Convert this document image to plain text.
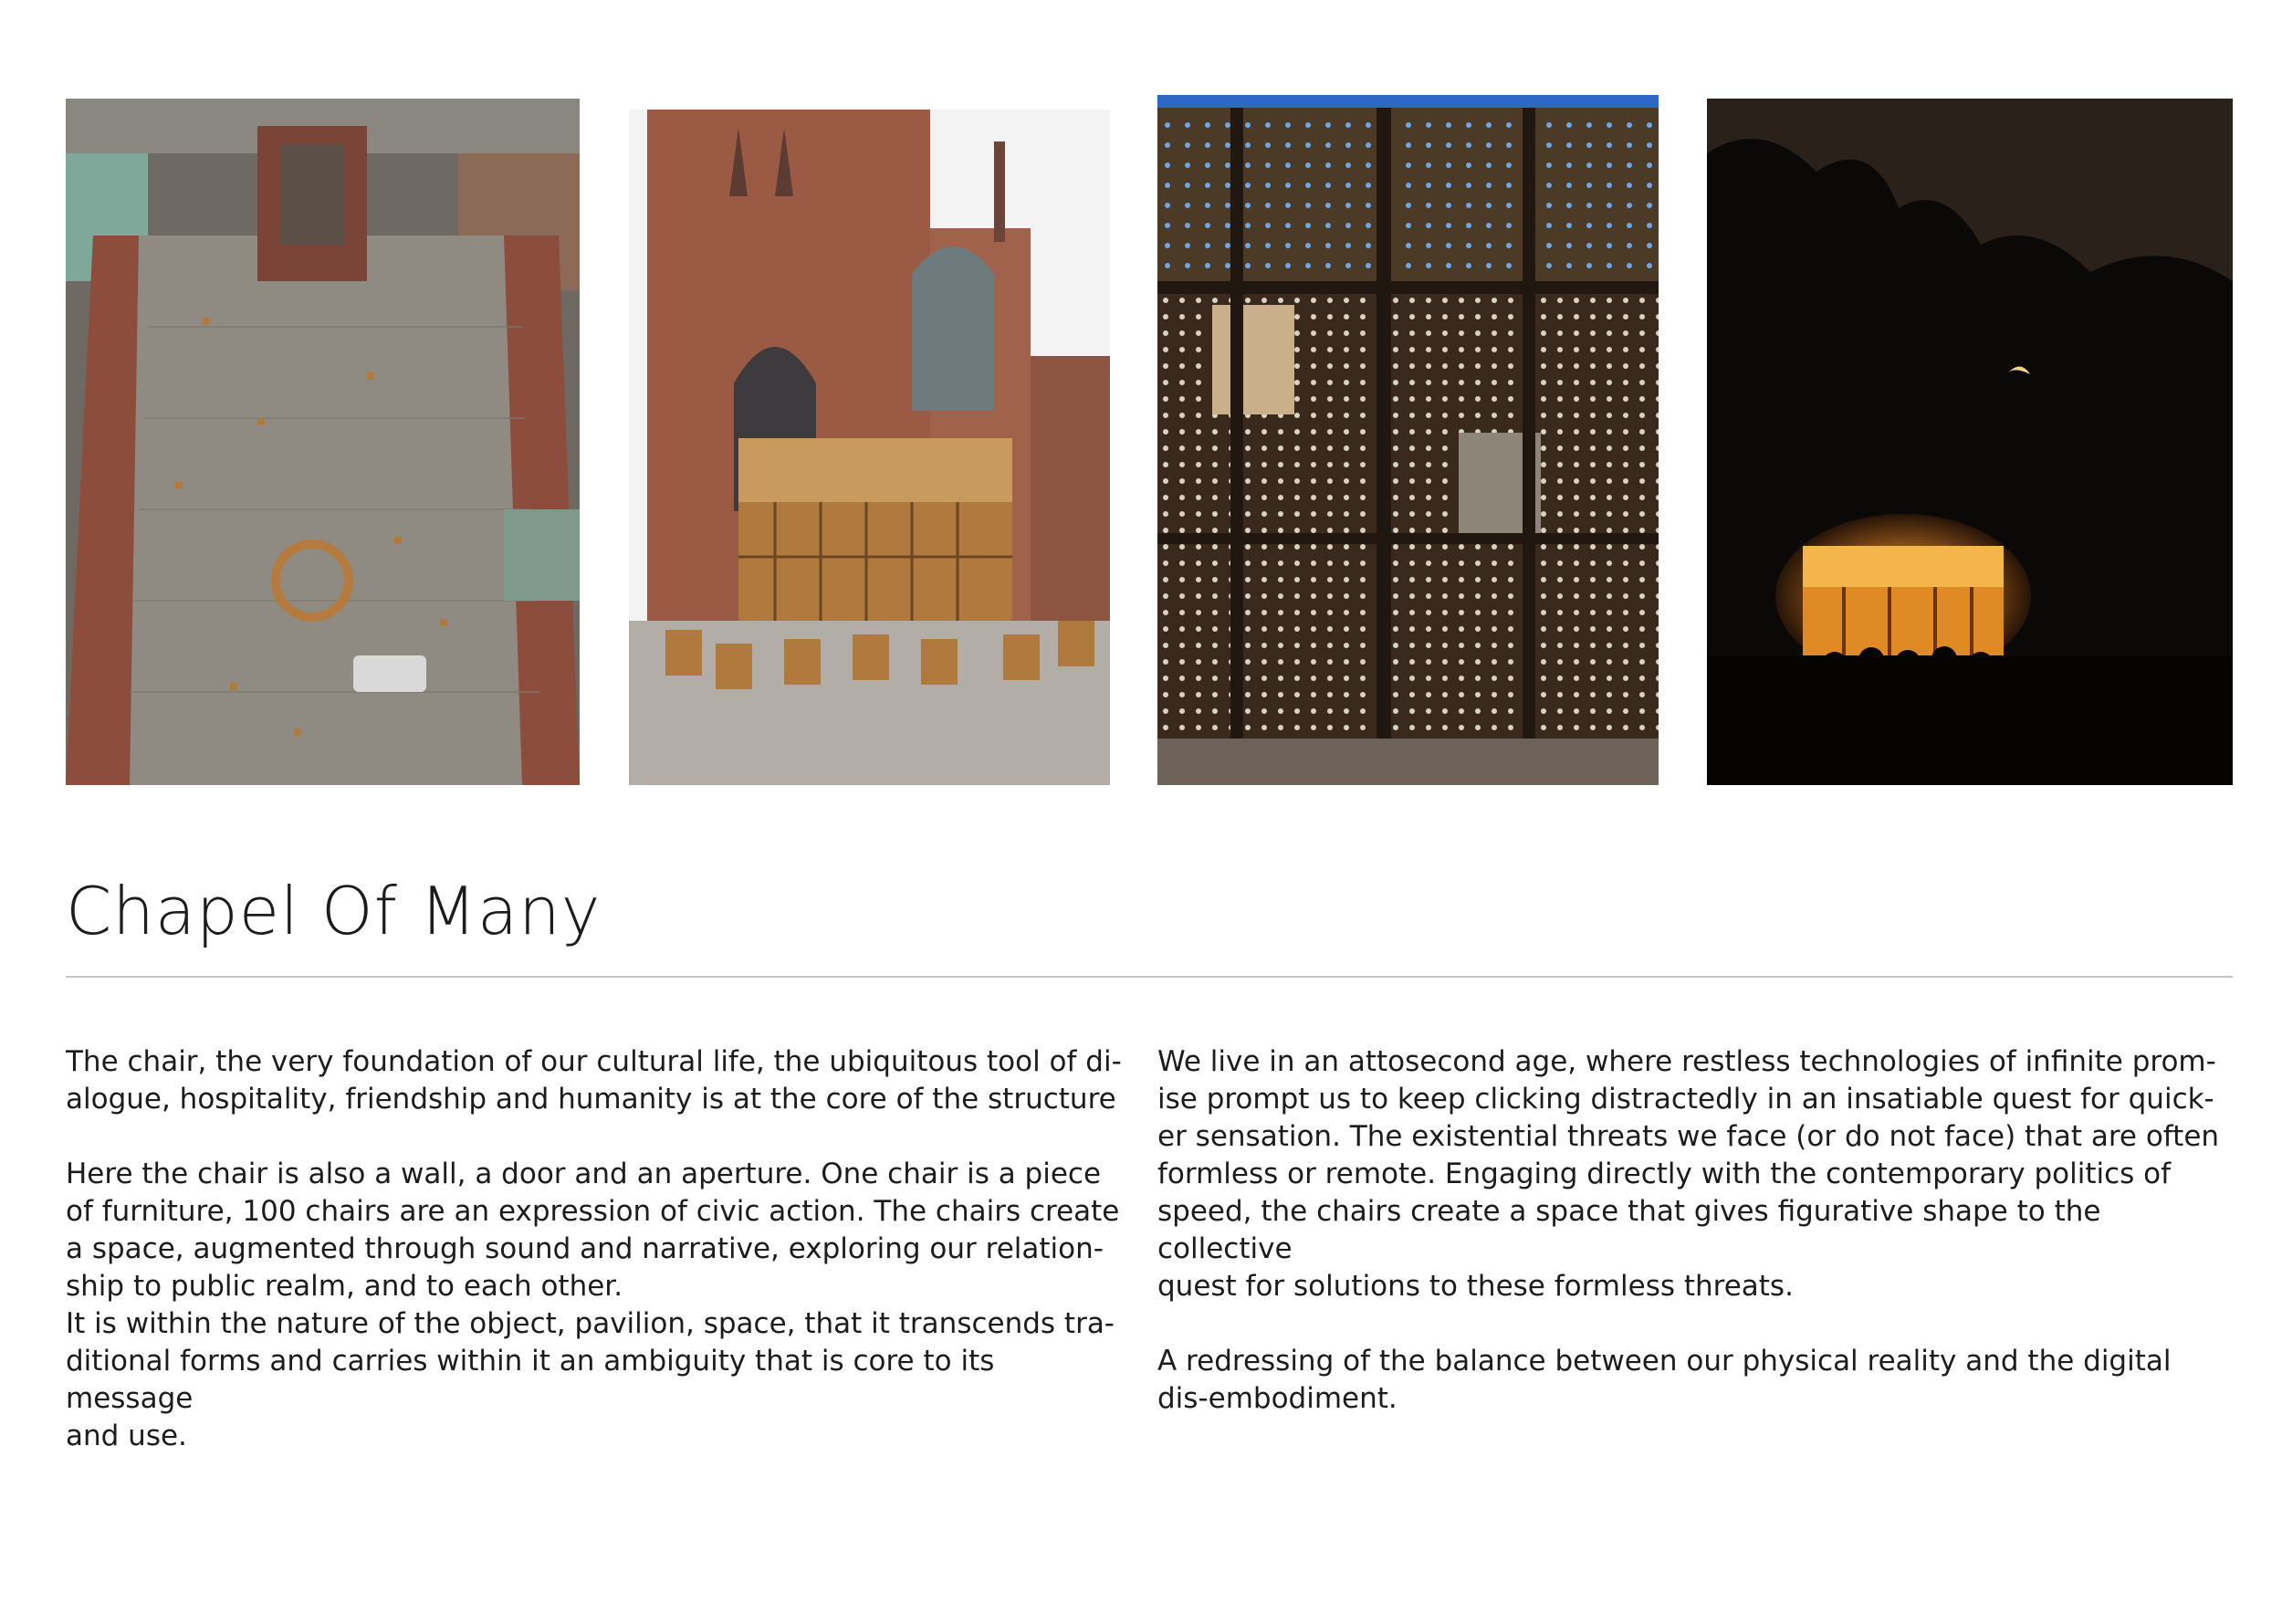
Chapel Of Many

The chair, the very foundation of our cultural life, the ubiquitous tool of di-
alogue, hospitality, friendship and humanity is at the core of the structure

Here the chair is also a wall, a door and an aperture. One chair is a piece
of furniture, 100 chairs are an expression of civic action. The chairs create
a space, augmented through sound and narrative, exploring our relation-
ship to public realm, and to each other.
It is within the nature of the object, pavilion, space, that it transcends tra-
ditional forms and carries within it an ambiguity that is core to its message
and use.

We live in an attosecond age, where restless technologies of infinite prom-
ise prompt us to keep clicking distractedly in an insatiable quest for quick-
er sensation. The existential threats we face (or do not face) that are often
formless or remote. Engaging directly with the contemporary politics of
speed, the chairs create a space that gives figurative shape to the collective
quest for solutions to these formless threats.

A redressing of the balance between our physical reality and the digital
dis-embodiment.
